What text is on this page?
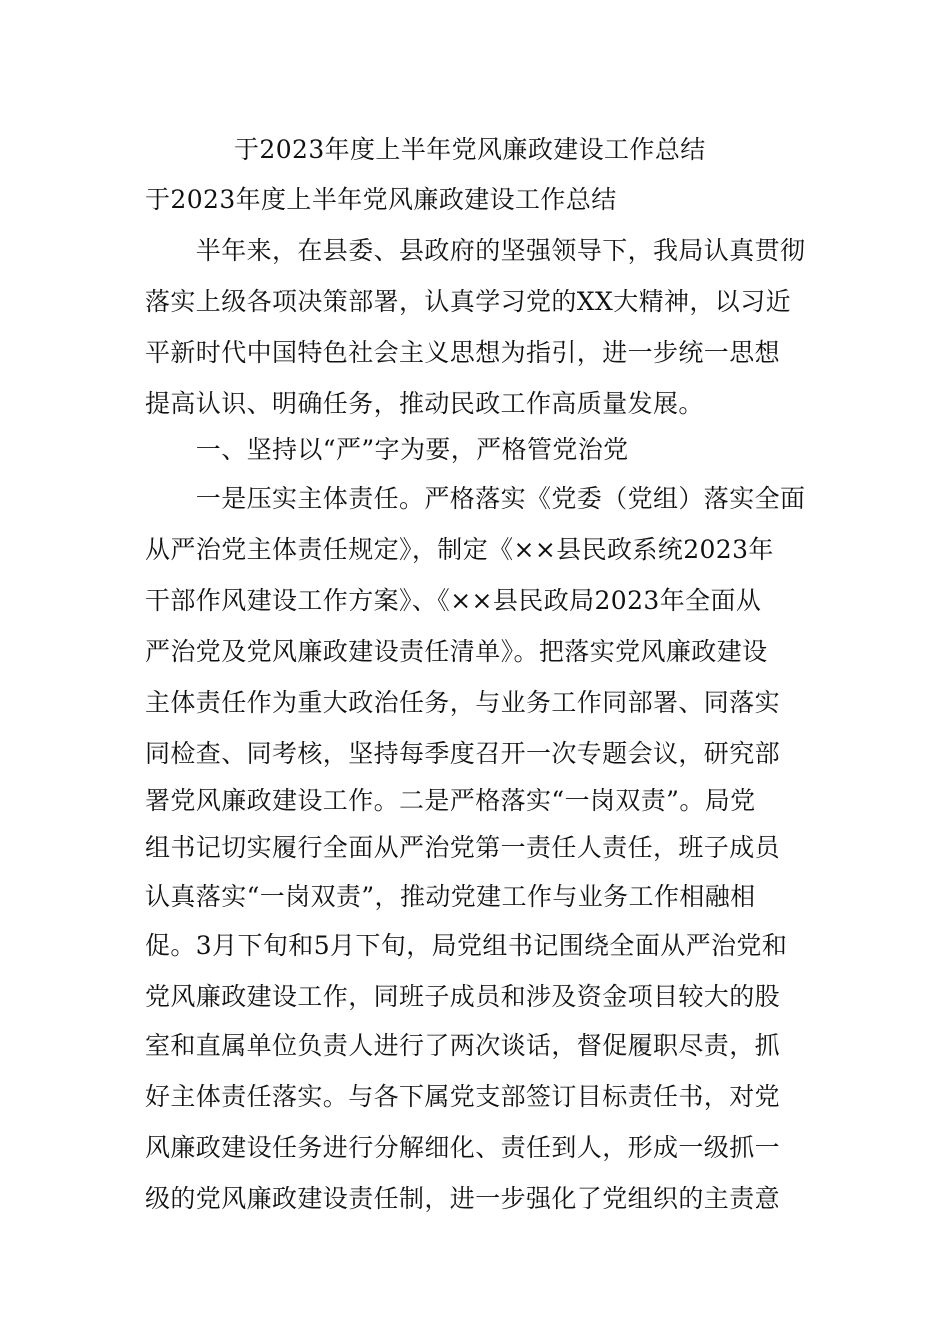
于2023年度上半年党风廉政建设工作总结
于2023年度上半年党风廉政建设工作总结
　　半年来，在县委、县政府的坚强领导下，我局认真贯彻
落实上级各项决策部署，认真学习党的XX大精神，以习近
平新时代中国特色社会主义思想为指引，进一步统一思想
提高认识、明确任务，推动民政工作高质量发展。
　　一、坚持以“严”字为要，严格管党治党
　　一是压实主体责任。严格落实《党委（党组）落实全面
从严治党主体责任规定》，制定《××县民政系统2023年
干部作风建设工作方案》、《××县民政局2023年全面从
严治党及党风廉政建设责任清单》。把落实党风廉政建设
主体责任作为重大政治任务，与业务工作同部署、同落实
同检查、同考核，坚持每季度召开一次专题会议，研究部
署党风廉政建设工作。二是严格落实“一岗双责”。局党
组书记切实履行全面从严治党第一责任人责任，班子成员
认真落实“一岗双责”，推动党建工作与业务工作相融相
促。3月下旬和5月下旬，局党组书记围绕全面从严治党和
党风廉政建设工作，同班子成员和涉及资金项目较大的股
室和直属单位负责人进行了两次谈话，督促履职尽责，抓
好主体责任落实。与各下属党支部签订目标责任书，对党
风廉政建设任务进行分解细化、责任到人，形成一级抓一
级的党风廉政建设责任制，进一步强化了党组织的主责意
